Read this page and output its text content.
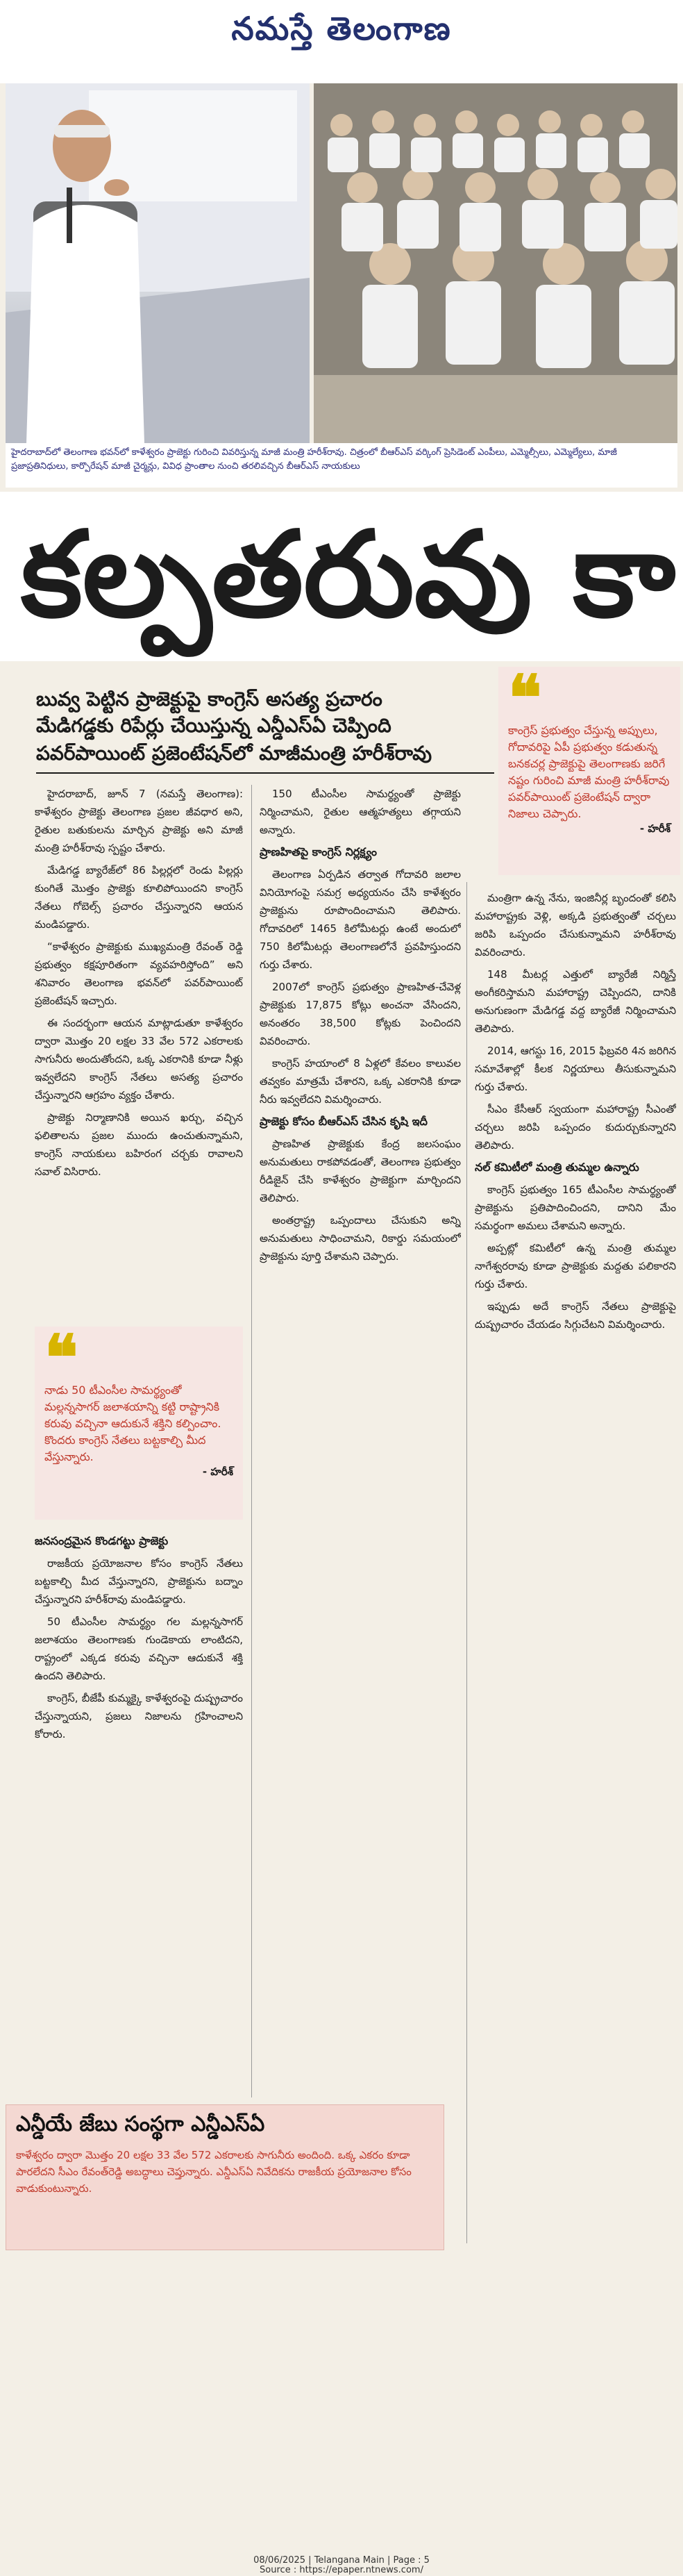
నమస్తే తెలంగాణ
హైదరాబాద్‌లో తెలంగాణ భవన్‌లో కాళేశ్వరం ప్రాజెక్టు గురించి వివరిస్తున్న మాజీ మంత్రి హరీశ్‌రావు. చిత్రంలో బీఆర్‌ఎస్ వర్కింగ్ ప్రెసిడెంట్ ఎంపీలు, ఎమ్మెల్సీలు, ఎమ్మెల్యేలు, మాజీ ప్రజాప్రతినిధులు, కార్పొరేషన్ మాజీ చైర్మన్లు, వివిధ ప్రాంతాల నుంచి తరలివచ్చిన బీఆర్‌ఎస్ నాయకులు
కల్పతరువు కా
బువ్వ పెట్టిన ప్రాజెక్టుపై కాంగ్రెస్ అసత్య ప్రచారం
మేడిగడ్డకు రిపేర్లు చేయిస్తున్న ఎన్డీఎస్‌ఏ చెప్పింది
పవర్‌పాయింట్ ప్రజెంటేషన్‌లో మాజీమంత్రి హరీశ్‌రావు
❝
కాంగ్రెస్ ప్రభుత్వం చేస్తున్న అప్పులు, గోదావరిపై ఏపీ ప్రభుత్వం కడుతున్న బనకచర్ల ప్రాజెక్టుపై తెలంగాణకు జరిగే నష్టం గురించి మాజీ మంత్రి హరీశ్‌రావు పవర్‌పాయింట్ ప్రజెంటేషన్ ద్వారా నిజాలు చెప్పారు.
- హరీశ్

హైదరాబాద్, జూన్ 7 (నమస్తే తెలంగాణ): కాళేశ్వరం ప్రాజెక్టు తెలంగాణ ప్రజల జీవధార అని, రైతుల బతుకులను మార్చిన ప్రాజెక్టు అని మాజీ మంత్రి హరీశ్‌రావు స్పష్టం చేశారు.

మేడిగడ్డ బ్యారేజ్‌లో 86 పిల్లర్లలో రెండు పిల్లర్లు కుంగితే మొత్తం ప్రాజెక్టు కూలిపోయిందని కాంగ్రెస్ నేతలు గోబెల్స్ ప్రచారం చేస్తున్నారని ఆయన మండిపడ్డారు.

“కాళేశ్వరం ప్రాజెక్టుకు ముఖ్యమంత్రి రేవంత్ రెడ్డి ప్రభుత్వం కక్షపూరితంగా వ్యవహరిస్తోంది” అని శనివారం తెలంగాణ భవన్‌లో పవర్‌పాయింట్ ప్రజెంటేషన్ ఇచ్చారు.

ఈ సందర్భంగా ఆయన మాట్లాడుతూ కాళేశ్వరం ద్వారా మొత్తం 20 లక్షల 33 వేల 572 ఎకరాలకు సాగునీరు అందుతోందని, ఒక్క ఎకరానికి కూడా నీళ్లు ఇవ్వలేదని కాంగ్రెస్ నేతలు అసత్య ప్రచారం చేస్తున్నారని ఆగ్రహం వ్యక్తం చేశారు.

ప్రాజెక్టు నిర్మాణానికి అయిన ఖర్చు, వచ్చిన ఫలితాలను ప్రజల ముందు ఉంచుతున్నామని, కాంగ్రెస్ నాయకులు బహిరంగ చర్చకు రావాలని సవాల్ విసిరారు.

❝
నాడు 50 టీఎంసీల సామర్థ్యంతో మల్లన్నసాగర్ జలాశయాన్ని కట్టి రాష్ట్రానికి కరువు వచ్చినా ఆదుకునే శక్తిని కల్పించాం. కొందరు కాంగ్రెస్ నేతలు బట్టకాల్చి మీద వేస్తున్నారు.
- హరీశ్
జనసంద్రమైన కొండగట్టు ప్రాజెక్టు

రాజకీయ ప్రయోజనాల కోసం కాంగ్రెస్ నేతలు బట్టకాల్చి మీద వేస్తున్నారని, ప్రాజెక్టును బద్నాం చేస్తున్నారని హరీశ్‌రావు మండిపడ్డారు.

50 టీఎంసీల సామర్థ్యం గల మల్లన్నసాగర్ జలాశయం తెలంగాణకు గుండెకాయ లాంటిదని, రాష్ట్రంలో ఎక్కడ కరువు వచ్చినా ఆదుకునే శక్తి ఉందని తెలిపారు.

కాంగ్రెస్, బీజేపీ కుమ్మక్కై కాళేశ్వరంపై దుష్ప్రచారం చేస్తున్నాయని, ప్రజలు నిజాలను గ్రహించాలని కోరారు.

150 టీఎంసీల సామర్థ్యంతో ప్రాజెక్టు నిర్మించామని, రైతుల ఆత్మహత్యలు తగ్గాయని అన్నారు.

ప్రాణహితపై కాంగ్రెస్ నిర్లక్ష్యం

తెలంగాణ ఏర్పడిన తర్వాత గోదావరి జలాల వినియోగంపై సమగ్ర అధ్యయనం చేసి కాళేశ్వరం ప్రాజెక్టును రూపొందించామని తెలిపారు. గోదావరిలో 1465 కిలోమీటర్లు ఉంటే అందులో 750 కిలోమీటర్లు తెలంగాణలోనే ప్రవహిస్తుందని గుర్తు చేశారు.

2007లో కాంగ్రెస్ ప్రభుత్వం ప్రాణహిత-చేవెళ్ల ప్రాజెక్టుకు 17,875 కోట్లు అంచనా వేసిందని, అనంతరం 38,500 కోట్లకు పెంచిందని వివరించారు.

కాంగ్రెస్ హయాంలో 8 ఏళ్లలో కేవలం కాలువల తవ్వకం మాత్రమే చేశారని, ఒక్క ఎకరానికి కూడా నీరు ఇవ్వలేదని విమర్శించారు.

ప్రాజెక్టు కోసం బీఆర్‌ఎస్ చేసిన కృషి ఇదీ

ప్రాణహిత ప్రాజెక్టుకు కేంద్ర జలసంఘం అనుమతులు రాకపోవడంతో, తెలంగాణ ప్రభుత్వం రీడిజైన్ చేసి కాళేశ్వరం ప్రాజెక్టుగా మార్చిందని తెలిపారు.

అంతర్రాష్ట్ర ఒప్పందాలు చేసుకుని అన్ని అనుమతులు సాధించామని, రికార్డు సమయంలో ప్రాజెక్టును పూర్తి చేశామని చెప్పారు.

మంత్రిగా ఉన్న నేను, ఇంజినీర్ల బృందంతో కలిసి మహారాష్ట్రకు వెళ్లి, అక్కడి ప్రభుత్వంతో చర్చలు జరిపి ఒప్పందం చేసుకున్నామని హరీశ్‌రావు వివరించారు.

148 మీటర్ల ఎత్తులో బ్యారేజీ నిర్మిస్తే అంగీకరిస్తామని మహారాష్ట్ర చెప్పిందని, దానికి అనుగుణంగా మేడిగడ్డ వద్ద బ్యారేజీ నిర్మించామని తెలిపారు.

2014, ఆగస్టు 16, 2015 ఫిబ్రవరి 4న జరిగిన సమావేశాల్లో కీలక నిర్ణయాలు తీసుకున్నామని గుర్తు చేశారు.

సీఎం కేసీఆర్ స్వయంగా మహారాష్ట్ర సీఎంతో చర్చలు జరిపి ఒప్పందం కుదుర్చుకున్నారని తెలిపారు.

నల్ కమిటీలో మంత్రి తుమ్మల ఉన్నారు

కాంగ్రెస్ ప్రభుత్వం 165 టీఎంసీల సామర్థ్యంతో ప్రాజెక్టును ప్రతిపాదించిందని, దానిని మేం సమర్థంగా అమలు చేశామని అన్నారు.

అప్పట్లో కమిటీలో ఉన్న మంత్రి తుమ్మల నాగేశ్వరరావు కూడా ప్రాజెక్టుకు మద్దతు పలికారని గుర్తు చేశారు.

ఇప్పుడు అదే కాంగ్రెస్ నేతలు ప్రాజెక్టుపై దుష్ప్రచారం చేయడం సిగ్గుచేటని విమర్శించారు.

ఎన్డీయే జేబు సంస్థగా ఎన్డీఎస్‌ఏ
కాళేశ్వరం ద్వారా మొత్తం 20 లక్షల 33 వేల 572 ఎకరాలకు సాగునీరు అందింది. ఒక్క ఎకరం కూడా పారలేదని సీఎం రేవంత్‌రెడ్డి అబద్ధాలు చెప్తున్నారు. ఎన్డీఎస్‌ఏ నివేదికను రాజకీయ ప్రయోజనాల కోసం వాడుకుంటున్నారు.
08/06/2025 | Telangana Main | Page : 5
Source : https://epaper.ntnews.com/
